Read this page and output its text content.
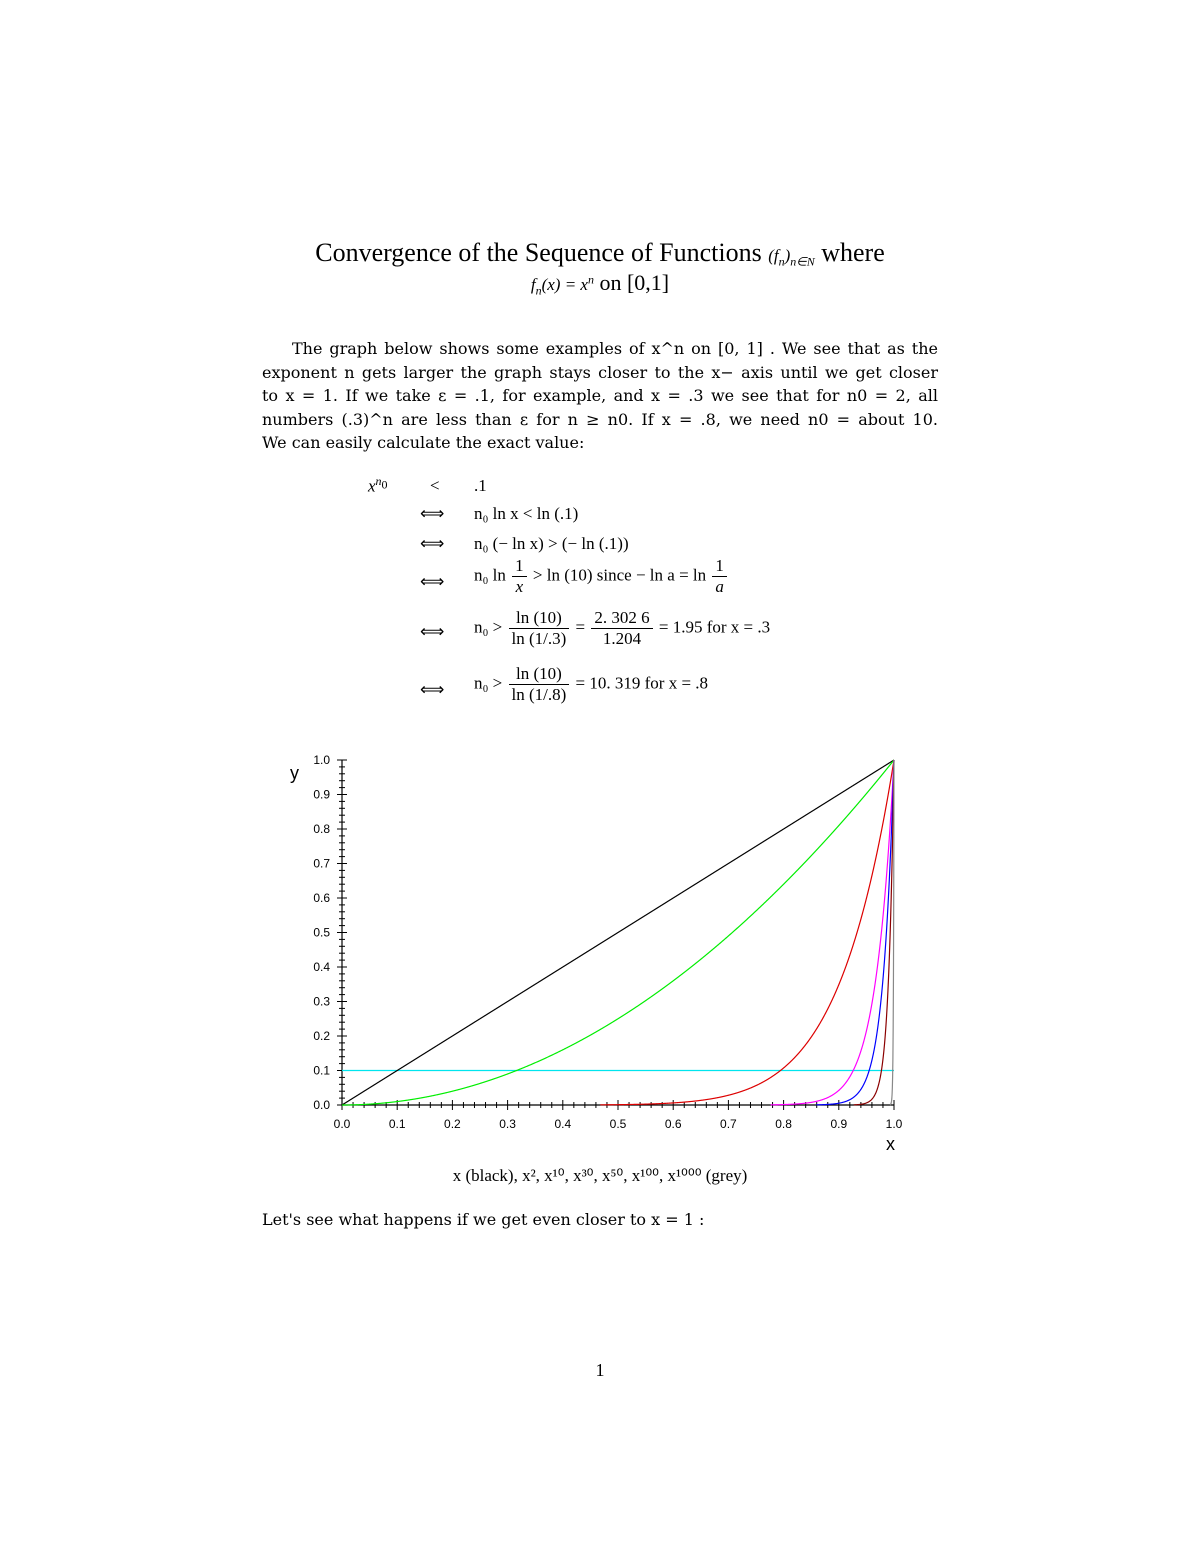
Convergence of the Sequence of Functions $(f_n)_{n\in N}$ where
$f_n(x) = x^n$ on [0,1]
The graph below shows some examples of x^n on [0, 1] . We see that as the
exponent n gets larger the graph stays closer to the x− axis until we get closer
to x = 1. If we take ε = .1, for example, and x = .3 we see that for n0 = 2, all
numbers (.3)^n are less than ε for n ≥ n0. If x = .8, we need n0 = about 10.
We can easily calculate the exact value:
$x^{n_0} < .1$
⟺ n₀ ln x < ln (.1)
⟺ n₀ (− ln x) > (− ln (.1))
⟺ n₀ $\ln \frac{1}{x} > \ln (10)$ since − $\ln a = \ln \frac{1}{a}$
⟺ $n_0 > \frac{\ln (10)}{\ln (1/.3)} = \frac{2. 302 6}{1.204} = 1.95$ for x = .3
⟺ $n_0 > \frac{\ln (10)}{\ln (1/.8)} = 10$. 319 for x = .8
0.0
0.1
0.2
0.3
0.4
0.5
0.6
0.7
0.8
0.9
1.0
0.0	0.1	0.2	0.3	0.4	0.5	0.6	0.7	0.8	0.9	1.0
y
x
x (black), x², x¹⁰, x³⁰, x⁵⁰, x¹⁰⁰, x¹⁰⁰⁰ (grey)
Let's see what happens if we get even closer to x = 1 :
1
